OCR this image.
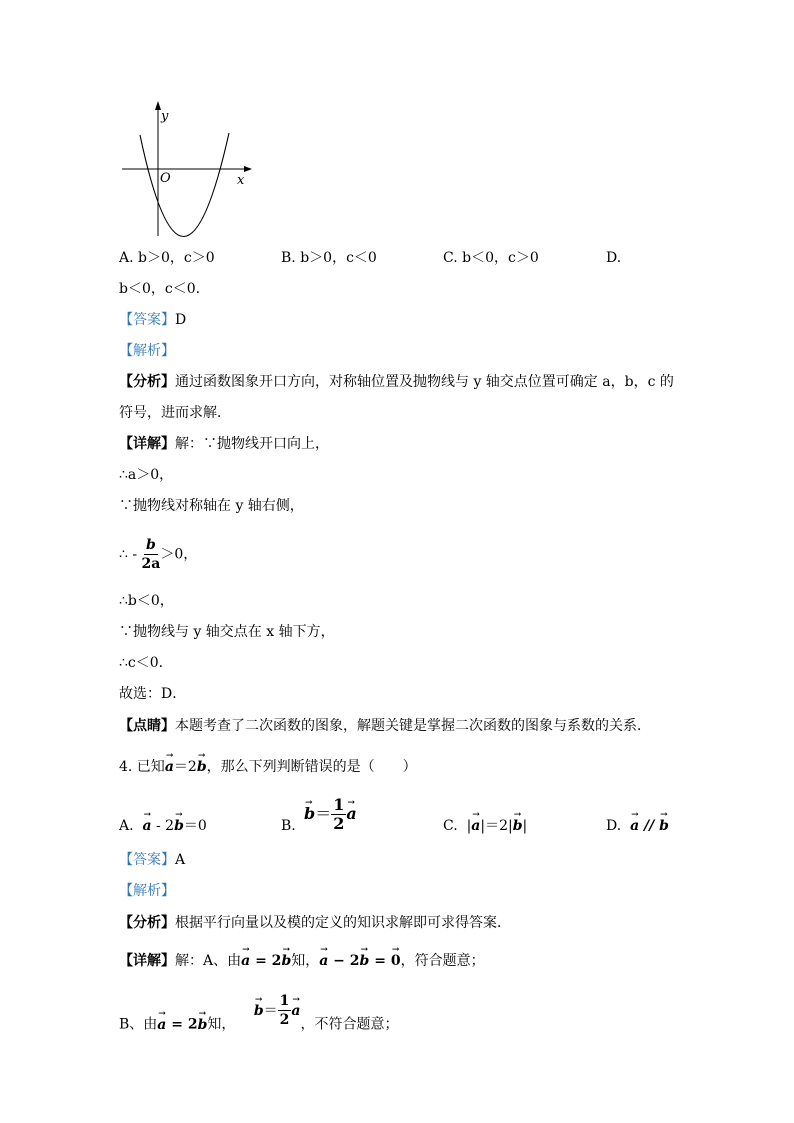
y
O	x
A. b＞0，c＞0	B. b＞0，c＜0	C. b＜0，c＞0	D.
b＜0，c＜0.
【答案】D
【解析】
【分析】通过函数图象开口方向，对称轴位置及抛物线与 y 轴交点位置可确定 a，b，c 的
符号，进而求解．
【详解】解：∵抛物线开口向上，
∴a＞0，
∵抛物线对称轴在 y 轴右侧，
∴ - $\frac{b}{2a} >0$，
∴b＜0，
∵抛物线与 y 轴交点在 x 轴下方，
∴c＜0．
故选：D．
【点睛】本题考查了二次函数的图象，解题关键是掌握二次函数的图象与系数的关系．
4. 已知→ a＝2→ b，那么下列判断错误的是（　　）
A. → a - 2→ b＝0	B.
→ $b= \frac{1}{2} \to a$
C. |→ a|＝2|→ b|	D. → a // → b
【答案】A
【解析】
【分析】根据平行向量以及模的定义的知识求解即可求得答案．
【详解】解：A、由→ a = 2→ b知，→ a − 2→ b = → 0，符合题意；
B、由→ a = 2→ b知， → $b= \frac{1}{2} \to a$，不符合题意；
